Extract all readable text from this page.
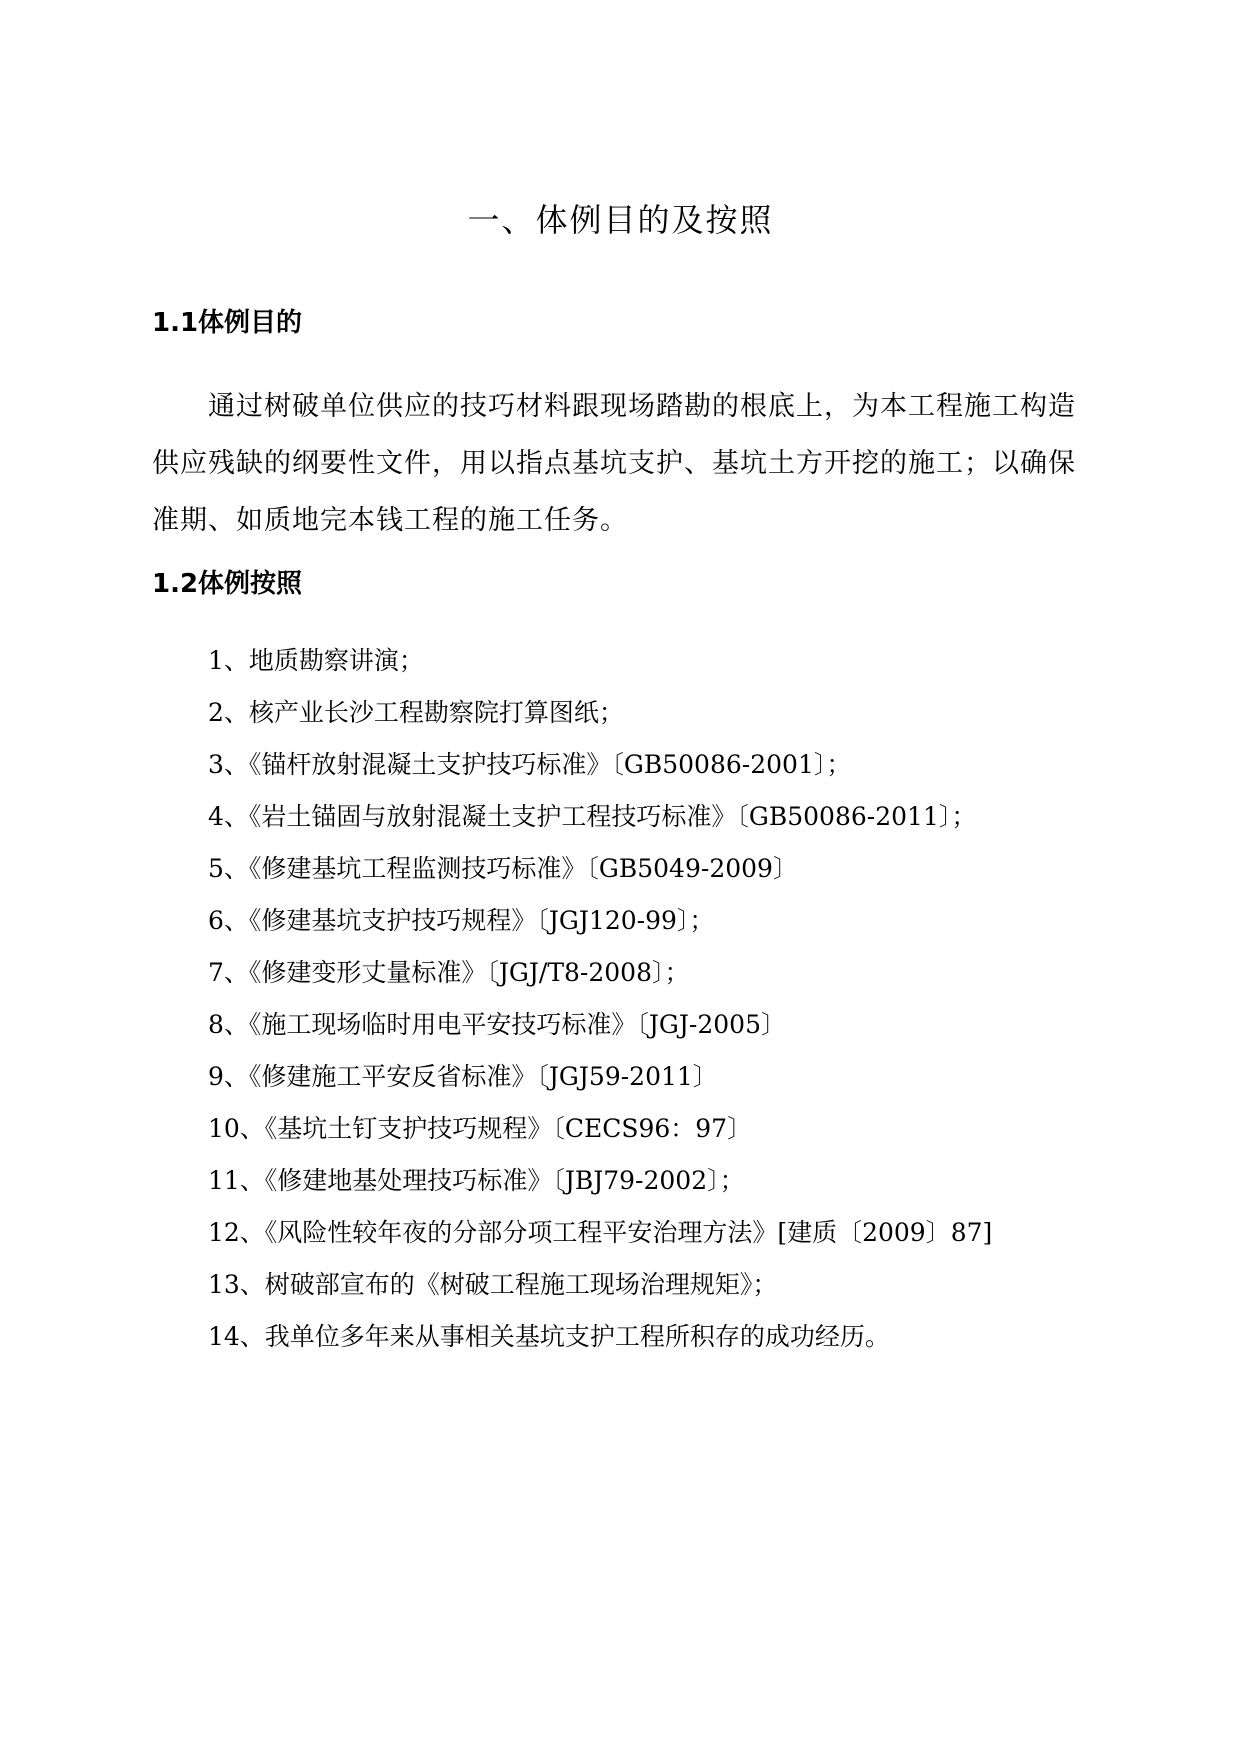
一、体例目的及按照
1.1体例目的
通过树破单位供应的技巧材料跟现场踏勘的根底上，为本工程施工构造供应残缺的纲要性文件，用以指点基坑支护、基坑土方开挖的施工；以确保准期、如质地完本钱工程的施工任务。
1.2体例按照
1、地质勘察讲演；
2、核产业长沙工程勘察院打算图纸；
3、《锚杆放射混凝土支护技巧标准》〔GB50086-2001〕；
4、《岩土锚固与放射混凝土支护工程技巧标准》〔GB50086-2011〕；
5、《修建基坑工程监测技巧标准》〔GB5049-2009〕
6、《修建基坑支护技巧规程》〔JGJ120-99〕；
7、《修建变形丈量标准》〔JGJ/T8-2008〕；
8、《施工现场临时用电平安技巧标准》〔JGJ-2005〕
9、《修建施工平安反省标准》〔JGJ59-2011〕
10、《基坑土钉支护技巧规程》〔CECS96：97〕
11、《修建地基处理技巧标准》〔JBJ79-2002〕；
12、《风险性较年夜的分部分项工程平安治理方法》[建质〔2009〕87]
13、树破部宣布的《树破工程施工现场治理规矩》；
14、我单位多年来从事相关基坑支护工程所积存的成功经历。
